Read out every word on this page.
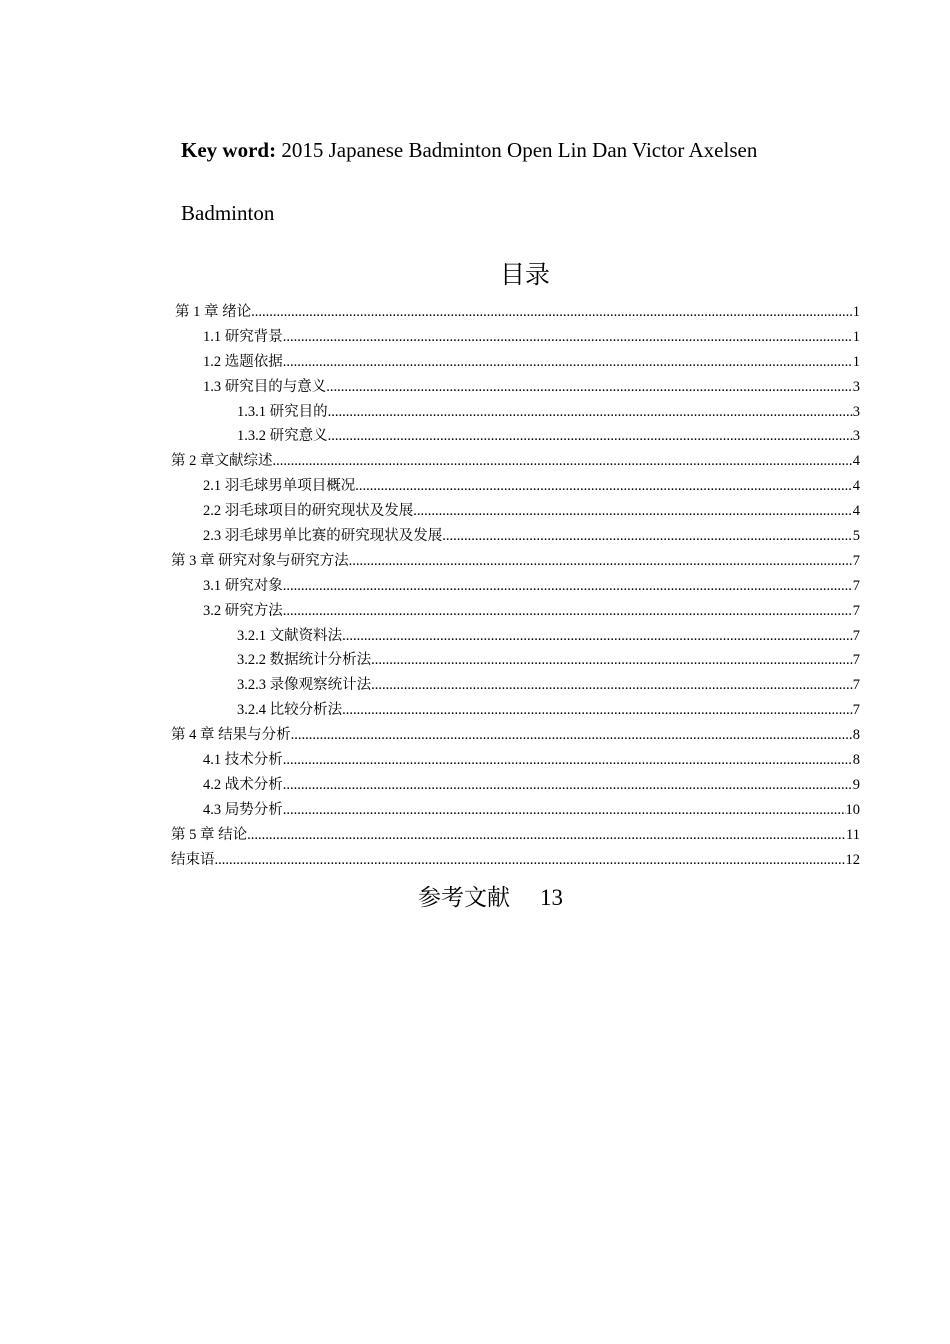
Key word: 2015 Japanese Badminton Open Lin Dan Victor Axelsen
Badminton
目录
第 1 章 绪论 .....	1
1.1 研究背景 .....	1
1.2 选题依据 .....	1
1.3 研究目的与意义 .....	3
1.3.1 研究目的 .....	3
1.3.2 研究意义 .....	3
第 2 章文献综述 .....	4
2.1 羽毛球男单项目概况 .....	4
2.2 羽毛球项目的研究现状及发展 .....	4
2.3 羽毛球男单比赛的研究现状及发展 .....	5
第 3 章 研究对象与研究方法 .....	7
3.1 研究对象 .....	7
3.2 研究方法 .....	7
3.2.1 文献资料法 .....	7
3.2.2 数据统计分析法 .....	7
3.2.3 录像观察统计法 .....	7
3.2.4 比较分析法 .....	7
第 4 章 结果与分析 .....	8
4.1 技术分析 .....	8
4.2 战术分析 .....	9
4.3 局势分析 .....	10
第 5 章 结论 .....	11
结束语 .....	12
参考文献 13
